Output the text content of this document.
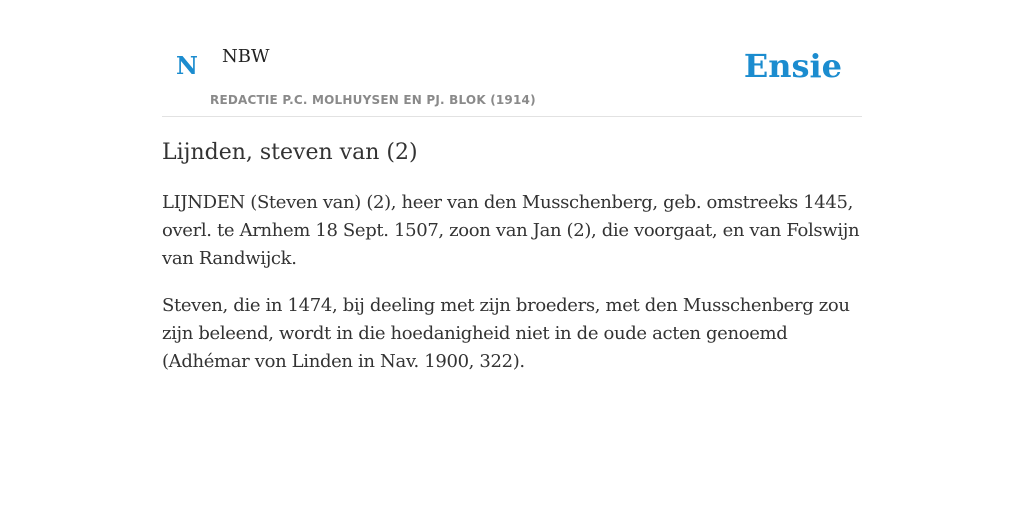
N NBW
REDACTIE P.C. MOLHUYSEN EN PJ. BLOK (1914)
Ensie
Lijnden, steven van (2)

LIJNDEN (Steven van) (2), heer van den Musschenberg, geb. omstreeks 1445, overl. te Arnhem 18 Sept. 1507, zoon van Jan (2), die voorgaat, en van Folswijn van Randwijck.

Steven, die in 1474, bij deeling met zijn broeders, met den Musschenberg zou zijn beleend, wordt in die hoedanigheid niet in de oude acten genoemd (Adhémar von Linden in Nav. 1900, 322).
